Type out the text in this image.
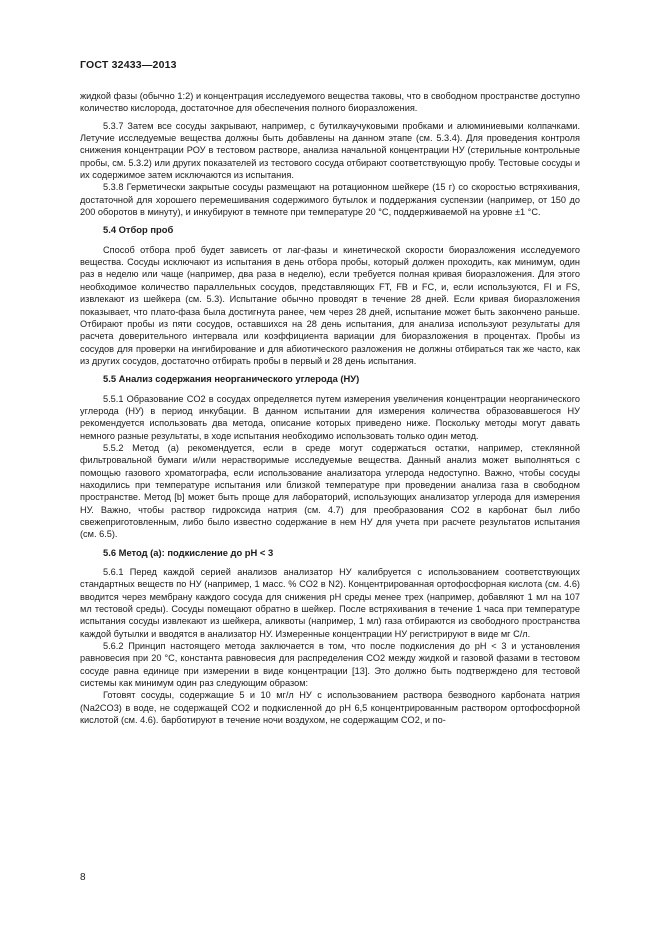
ГОСТ 32433—2013

жидкой фазы (обычно 1:2) и концентрация исследуемого вещества таковы, что в свободном пространстве доступно количество кислорода, достаточное для обеспечения полного биоразложения.

5.3.7 Затем все сосуды закрывают, например, с бутилкаучуковыми пробками и алюминиевыми колпачками. Летучие исследуемые вещества должны быть добавлены на данном этапе (см. 5.3.4). Для проведения контроля снижения концентрации РОУ в тестовом растворе, анализа начальной концентрации НУ (стерильные контрольные пробы, см. 5.3.2) или других показателей из тестового сосуда отбирают соответствующую пробу. Тестовые сосуды и их содержимое затем исключаются из испытания.

5.3.8 Герметически закрытые сосуды размещают на ротационном шейкере (15 г) со скоростью встряхивания, достаточной для хорошего перемешивания содержимого бутылок и поддержания суспензии (например, от 150 до 200 оборотов в минуту), и инкубируют в темноте при температуре 20 °С, поддерживаемой на уровне ±1 °С.

5.4 Отбор проб

Способ отбора проб будет зависеть от лаг-фазы и кинетической скорости биоразложения исследуемого вещества. Сосуды исключают из испытания в день отбора пробы, который должен проходить, как минимум, один раз в неделю или чаще (например, два раза в неделю), если требуется полная кривая биоразложения. Для этого необходимое количество параллельных сосудов, представляющих FT, FB и FC, и, если используются, FI и FS, извлекают из шейкера (см. 5.3). Испытание обычно проводят в течение 28 дней. Если кривая биоразложения показывает, что плато-фаза была достигнута ранее, чем через 28 дней, испытание может быть закончено раньше. Отбирают пробы из пяти сосудов, оставшихся на 28 день испытания, для анализа используют результаты для расчета доверительного интервала или коэффициента вариации для биоразложения в процентах. Пробы из сосудов для проверки на ингибирование и для абиотического разложения не должны отбираться так же часто, как из других сосудов, достаточно отбирать пробы в первый и 28 день испытания.

5.5 Анализ содержания неорганического углерода (НУ)

5.5.1 Образование CO2 в сосудах определяется путем измерения увеличения концентрации неорганического углерода (НУ) в период инкубации. В данном испытании для измерения количества образовавшегося НУ рекомендуется использовать два метода, описание которых приведено ниже. Поскольку методы могут давать немного разные результаты, в ходе испытания необходимо использовать только один метод.

5.5.2 Метод (а) рекомендуется, если в среде могут содержаться остатки, например, стеклянной фильтровальной бумаги и/или нерастворимые исследуемые вещества. Данный анализ может выполняться с помощью газового хроматографа, если использование анализатора углерода недоступно. Важно, чтобы сосуды находились при температуре испытания или близкой температуре при проведении анализа газа в свободном пространстве. Метод [b] может быть проще для лабораторий, использующих анализатор углерода для измерения НУ. Важно, чтобы раствор гидроксида натрия (см. 4.7) для преобразования CO2 в карбонат был либо свежеприготовленным, либо было известно содержание в нем НУ для учета при расчете результатов испытания (см. 6.5).

5.6 Метод (а): подкисление до pH < 3

5.6.1 Перед каждой серией анализов анализатор НУ калибруется с использованием соответствующих стандартных веществ по НУ (например, 1 масс. % CO2 в N2). Концентрированная ортофосфорная кислота (см. 4.6) вводится через мембрану каждого сосуда для снижения pH среды менее трех (например, добавляют 1 мл на 107 мл тестовой среды). Сосуды помещают обратно в шейкер. После встряхивания в течение 1 часа при температуре испытания сосуды извлекают из шейкера, аликвоты (например, 1 мл) газа отбираются из свободного пространства каждой бутылки и вводятся в анализатор НУ. Измеренные концентрации НУ регистрируют в виде мг С/л.

5.6.2 Принцип настоящего метода заключается в том, что после подкисления до pH < 3 и установления равновесия при 20 °С, константа равновесия для распределения CO2 между жидкой и газовой фазами в тестовом сосуде равна единице при измерении в виде концентрации [13]. Это должно быть подтверждено для тестовой системы как минимум один раз следующим образом:

Готовят сосуды, содержащие 5 и 10 мг/л НУ с использованием раствора безводного карбоната натрия (Na2CO3) в воде, не содержащей CO2 и подкисленной до pH 6,5 концентрированным раствором ортофосфорной кислотой (см. 4.6). барботируют в течение ночи воздухом, не содержащим CO2, и по-

8
